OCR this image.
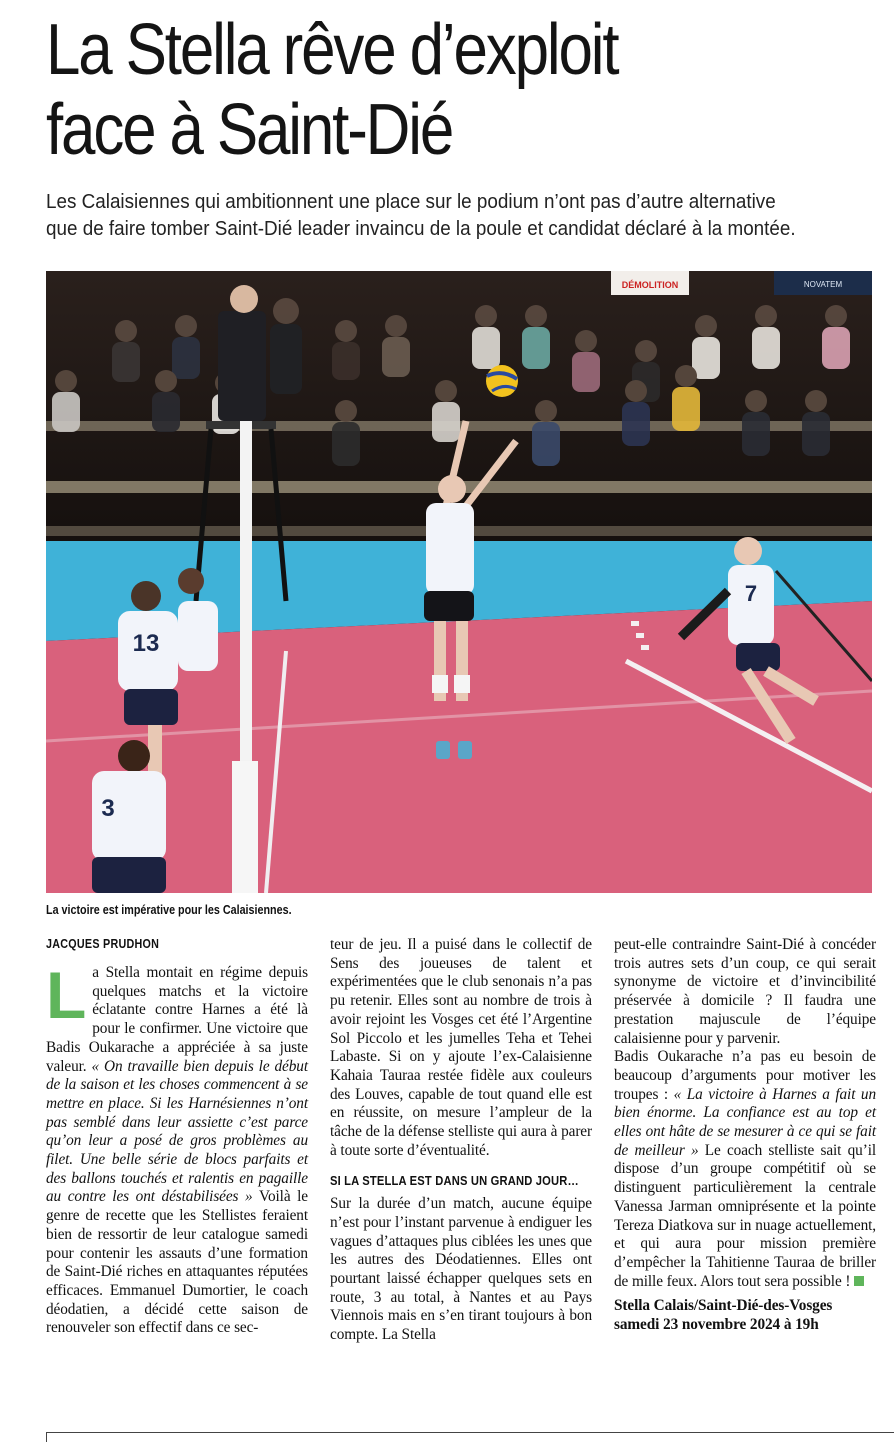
La Stella rêve d’exploit
face à Saint-Dié
Les Calaisiennes qui ambitionnent une place sur le podium n’ont pas d’autre alternative
que de faire tomber Saint-Dié leader invaincu de la poule et candidat déclaré à la montée.
DÉMOLITION	NOVATEM
7
13
3
La victoire est impérative pour les Calaisiennes.
JACQUES PRUDHON

La Stella montait en régime depuis quelques matchs et la victoire éclatante contre Harnes a été là pour le confirmer. Une victoire que Badis Oukarache a appréciée à sa juste valeur. « On travaille bien depuis le début de la saison et les choses commencent à se mettre en place. Si les Harnésiennes n’ont pas semblé dans leur assiette c’est parce qu’on leur a posé de gros problèmes au filet. Une belle série de blocs parfaits et des ballons touchés et ralentis en pagaille au contre les ont déstabilisées » Voilà le genre de recette que les Stellistes feraient bien de ressortir de leur catalogue samedi pour contenir les assauts d’une formation de Saint-Dié riches en attaquantes réputées efficaces. Emmanuel Dumortier, le coach déodatien, a décidé cette saison de renouveler son effectif dans ce sec-

teur de jeu. Il a puisé dans le collectif de Sens des joueuses de talent et expérimentées que le club senonais n’a pas pu retenir. Elles sont au nombre de trois à avoir rejoint les Vosges cet été l’Argentine Sol Piccolo et les jumelles Teha et Tehei Labaste. Si on y ajoute l’ex-Calaisienne Kahaia Tauraa restée fidèle aux couleurs des Louves, capable de tout quand elle est en réussite, on mesure l’ampleur de la tâche de la défense stelliste qui aura à parer à toute sorte d’éventualité.

SI LA STELLA EST DANS UN GRAND JOUR…

Sur la durée d’un match, aucune équipe n’est pour l’instant parvenue à endiguer les vagues d’attaques plus ciblées les unes que les autres des Déodatiennes. Elles ont pourtant laissé échapper quelques sets en route, 3 au total, à Nantes et au Pays Viennois mais en s’en tirant toujours à bon compte. La Stella

peut-elle contraindre Saint-Dié à concéder trois autres sets d’un coup, ce qui serait synonyme de victoire et d’invincibilité préservée à domicile ? Il faudra une prestation majuscule de l’équipe calaisienne pour y parvenir.

Badis Oukarache n’a pas eu besoin de beaucoup d’arguments pour motiver les troupes : « La victoire à Harnes a fait un bien énorme. La confiance est au top et elles ont hâte de se mesurer à ce qui se fait de meilleur » Le coach stelliste sait qu’il dispose d’un groupe compétitif où se distinguent particulièrement la centrale Vanessa Jarman omniprésente et la pointe Tereza Diatkova sur in nuage actuellement, et qui aura pour mission première d’empêcher la Tahitienne Tauraa de briller de mille feux. Alors tout sera possible !

Stella Calais/Saint-Dié-des-Vosges
samedi 23 novembre 2024 à 19h
